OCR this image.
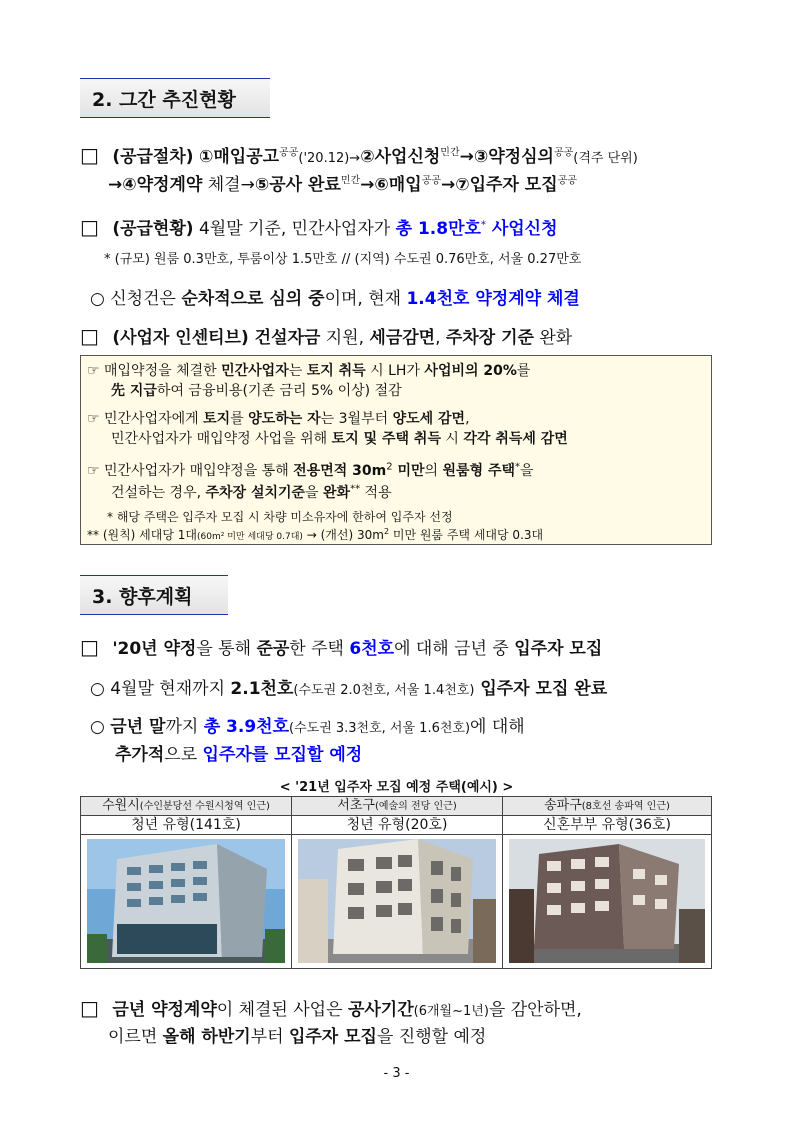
2. 그간 추진현황
□ (공급절차) ①매입공고$^{공공}$('20.12)→②사업신청$^{민간}$→③약정심의$^{공공}$(격주 단위)
→④약정계약 체결→⑤공사 완료$^{민간}$→⑥매입$^{공공}$→⑦입주자 모집$^{공공}$
□ (공급현황) 4월말 기준, 민간사업자가 총 1.8만호* 사업신청
* (규모) 원룸 0.3만호, 투룸이상 1.5만호 // (지역) 수도권 0.76만호, 서울 0.27만호
○ 신청건은 순차적으로 심의 중이며, 현재 1.4천호 약정계약 체결
□ (사업자 인센티브) 건설자금 지원, 세금감면, 주차장 기준 완화
☞ 매입약정을 체결한 민간사업자는 토지 취득 시 LH가 사업비의 20%를
先 지급하여 금융비용(기존 금리 5% 이상) 절감
☞ 민간사업자에게 토지를 양도하는 자는 3월부터 양도세 감면,
민간사업자가 매입약정 사업을 위해 토지 및 주택 취득 시 각각 취득세 감면
☞ 민간사업자가 매입약정을 통해 전용면적 $30m^2$ 미만의 원룸형 주택*을
건설하는 경우, 주차장 설치기준을 완화** 적용
* 해당 주택은 입주자 모집 시 차량 미소유자에 한하여 입주자 선정
** (원칙) 세대당 1대(60m² 미만 세대당 0.7대) → (개선) $30m^2$ 미만 원룸 주택 세대당 0.3대
3. 향후계획
□ '20년 약정을 통해 준공한 주택 6천호에 대해 금년 중 입주자 모집
○ 4월말 현재까지 2.1천호(수도권 2.0천호, 서울 1.4천호) 입주자 모집 완료
○ 금년 말까지 총 3.9천호(수도권 3.3천호, 서울 1.6천호)에 대해
추가적으로 입주자를 모집할 예정
< '21년 입주자 모집 예정 주택(예시) >
수원시(수인분당선 수원시청역 인근)
청년 유형(141호)
서초구(예술의 전당 인근)
청년 유형(20호)
송파구(8호선 송파역 인근)
신혼부부 유형(36호)
□ 금년 약정계약이 체결된 사업은 공사기간(6개월~1년)을 감안하면,
이르면 올해 하반기부터 입주자 모집을 진행할 예정
- 3 -
